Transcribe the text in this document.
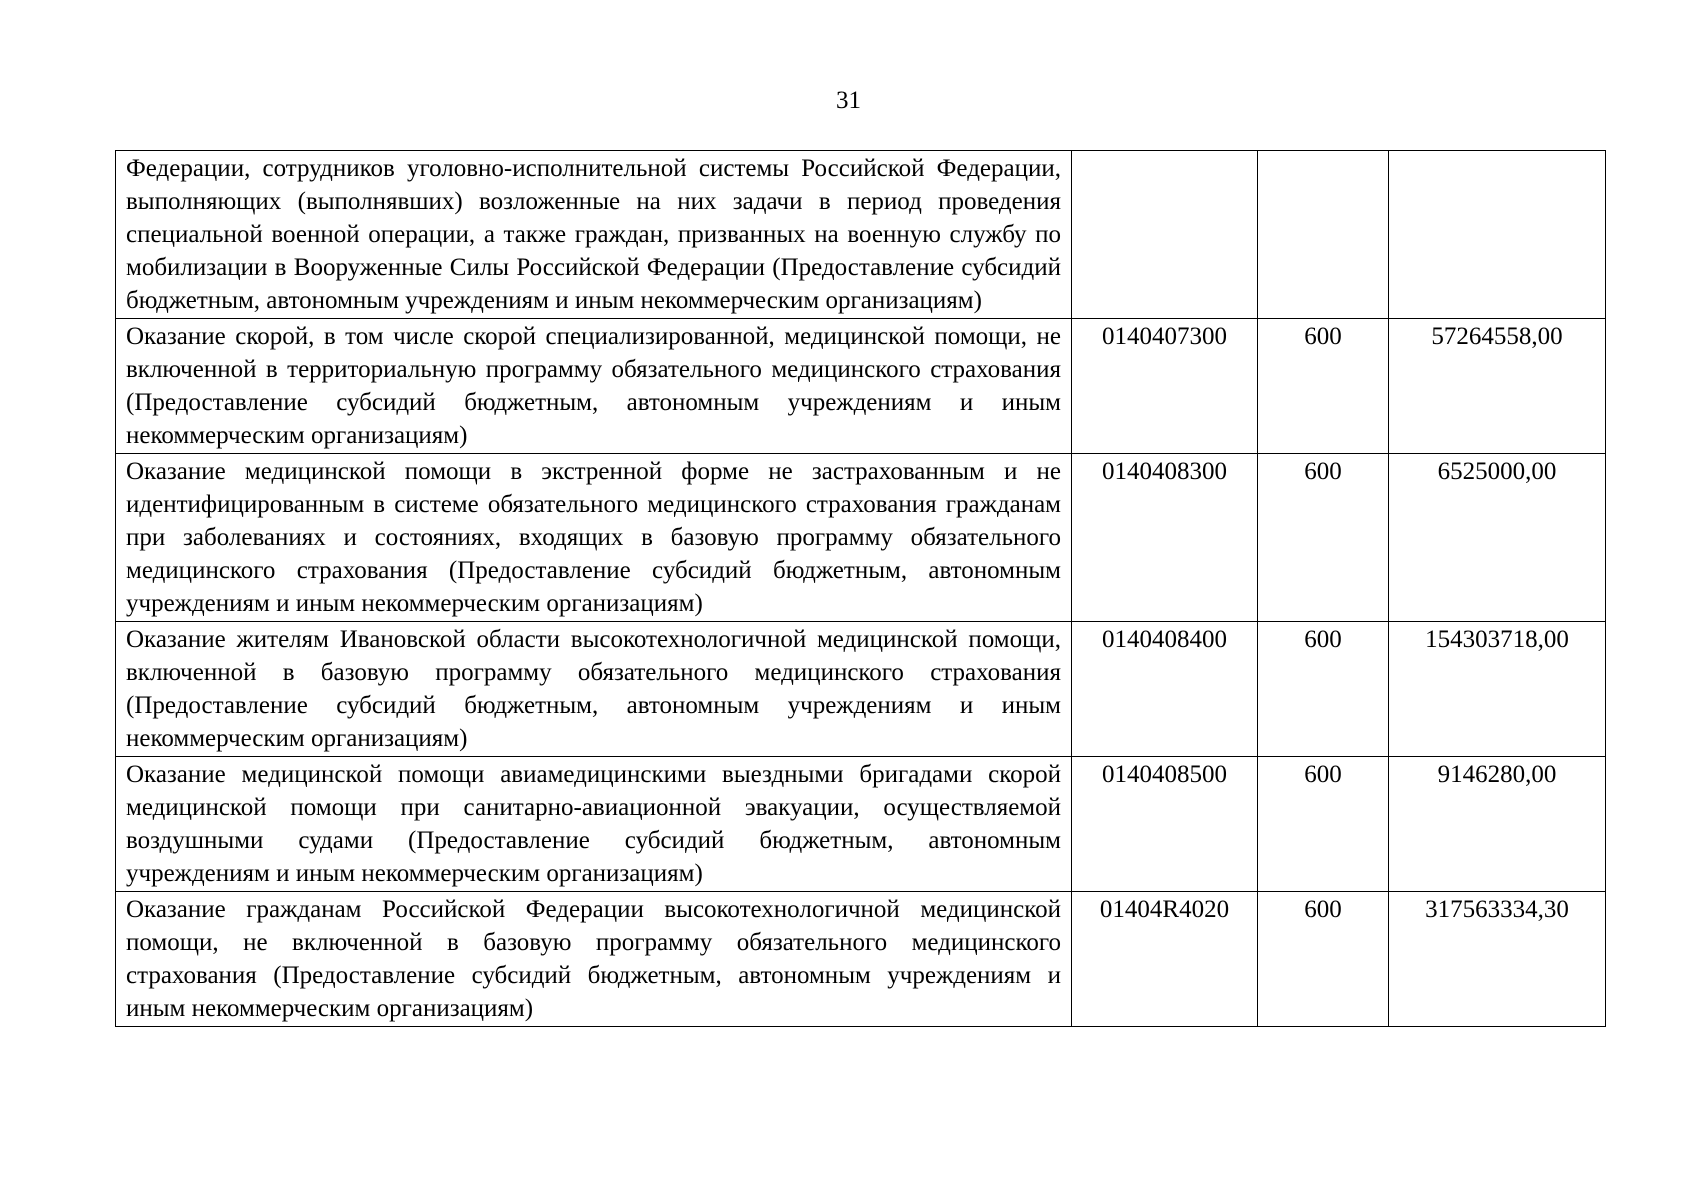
31
Федерации, сотрудников уголовно-исполнительной системы Российской Федерации, выполняющих (выполнявших) возложенные на них задачи в период проведения специальной военной операции, а также граждан, призванных на военную службу по мобилизации в Вооруженные Силы Российской Федерации (Предоставление субсидий бюджетным, автономным учреждениям и иным некоммерческим организациям)			
Оказание скорой, в том числе скорой специализированной, медицинской помощи, не включенной в территориальную программу обязательного медицинского страхования (Предоставление субсидий бюджетным, автономным учреждениям и иным некоммерческим организациям)	0140407300	600	57264558,00
Оказание медицинской помощи в экстренной форме не застрахованным и не идентифицированным в системе обязательного медицинского страхования гражданам при заболеваниях и состояниях, входящих в базовую программу обязательного медицинского страхования (Предоставление субсидий бюджетным, автономным учреждениям и иным некоммерческим организациям)	0140408300	600	6525000,00
Оказание жителям Ивановской области высокотехнологичной медицинской помощи, включенной в базовую программу обязательного медицинского страхования (Предоставление субсидий бюджетным, автономным учреждениям и иным некоммерческим организациям)	0140408400	600	154303718,00
Оказание медицинской помощи авиамедицинскими выездными бригадами скорой медицинской помощи при санитарно-авиационной эвакуации, осуществляемой воздушными судами (Предоставление субсидий бюджетным, автономным учреждениям и иным некоммерческим организациям)	0140408500	600	9146280,00
Оказание гражданам Российской Федерации высокотехнологичной медицинской помощи, не включенной в базовую программу обязательного медицинского страхования (Предоставление субсидий бюджетным, автономным учреждениям и иным некоммерческим организациям)	01404R4020	600	317563334,30
